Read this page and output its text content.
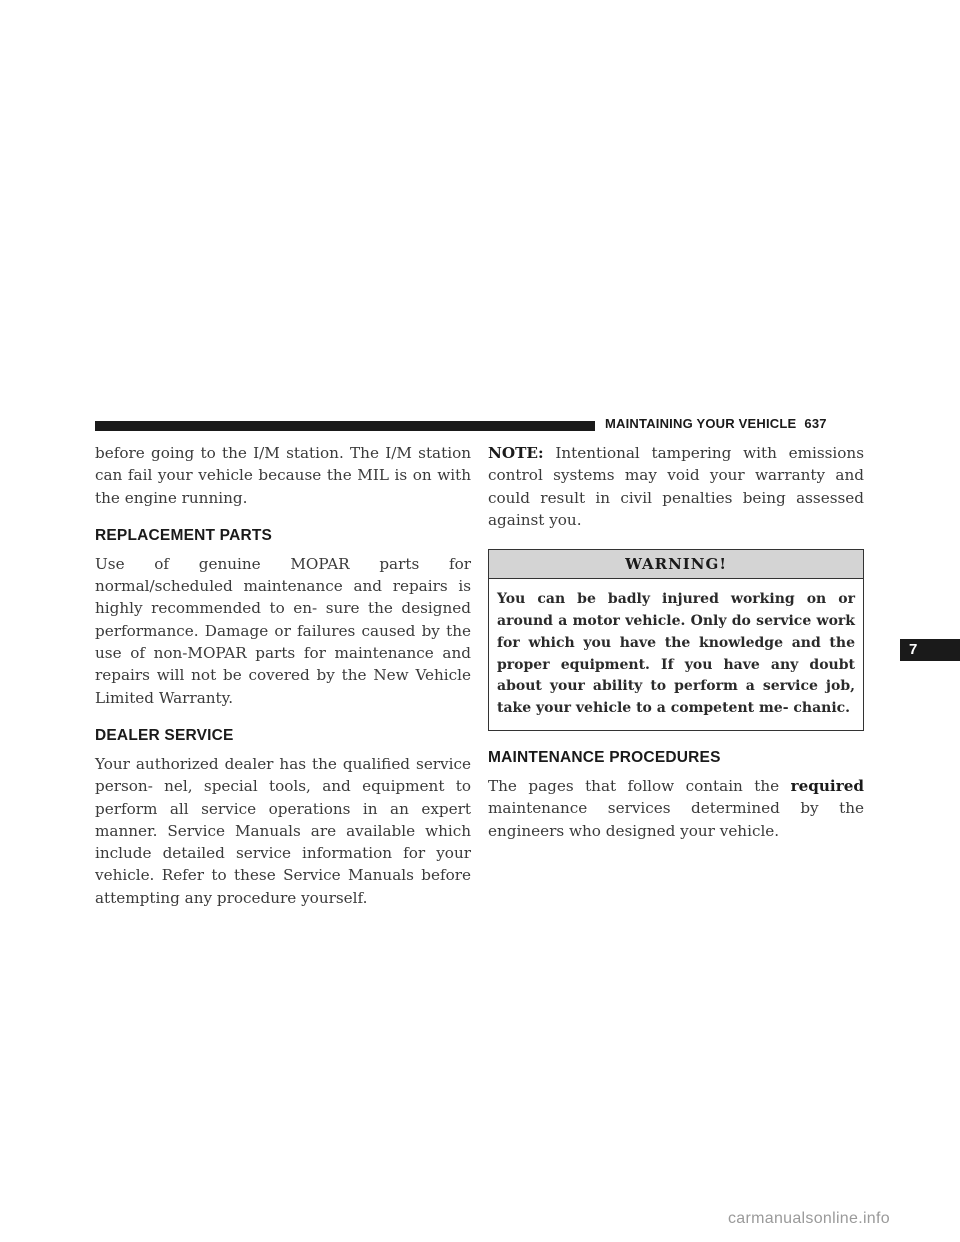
MAINTAINING YOUR VEHICLE 637

before going to the I/M station. The I/M station can fail your vehicle because the MIL is on with the engine running.

REPLACEMENT PARTS

Use of genuine MOPAR parts for normal/scheduled maintenance and repairs is highly recommended to en- sure the designed performance. Damage or failures caused by the use of non-MOPAR parts for maintenance and repairs will not be covered by the New Vehicle Limited Warranty.

DEALER SERVICE

Your authorized dealer has the qualified service person- nel, special tools, and equipment to perform all service operations in an expert manner. Service Manuals are available which include detailed service information for your vehicle. Refer to these Service Manuals before attempting any procedure yourself.

NOTE: Intentional tampering with emissions control systems may void your warranty and could result in civil penalties being assessed against you.

WARNING!
You can be badly injured working on or around a motor vehicle. Only do service work for which you have the knowledge and the proper equipment. If you have any doubt about your ability to perform a service job, take your vehicle to a competent me- chanic.
MAINTENANCE PROCEDURES

The pages that follow contain the required maintenance services determined by the engineers who designed your vehicle.

7
carmanualsonline.info
